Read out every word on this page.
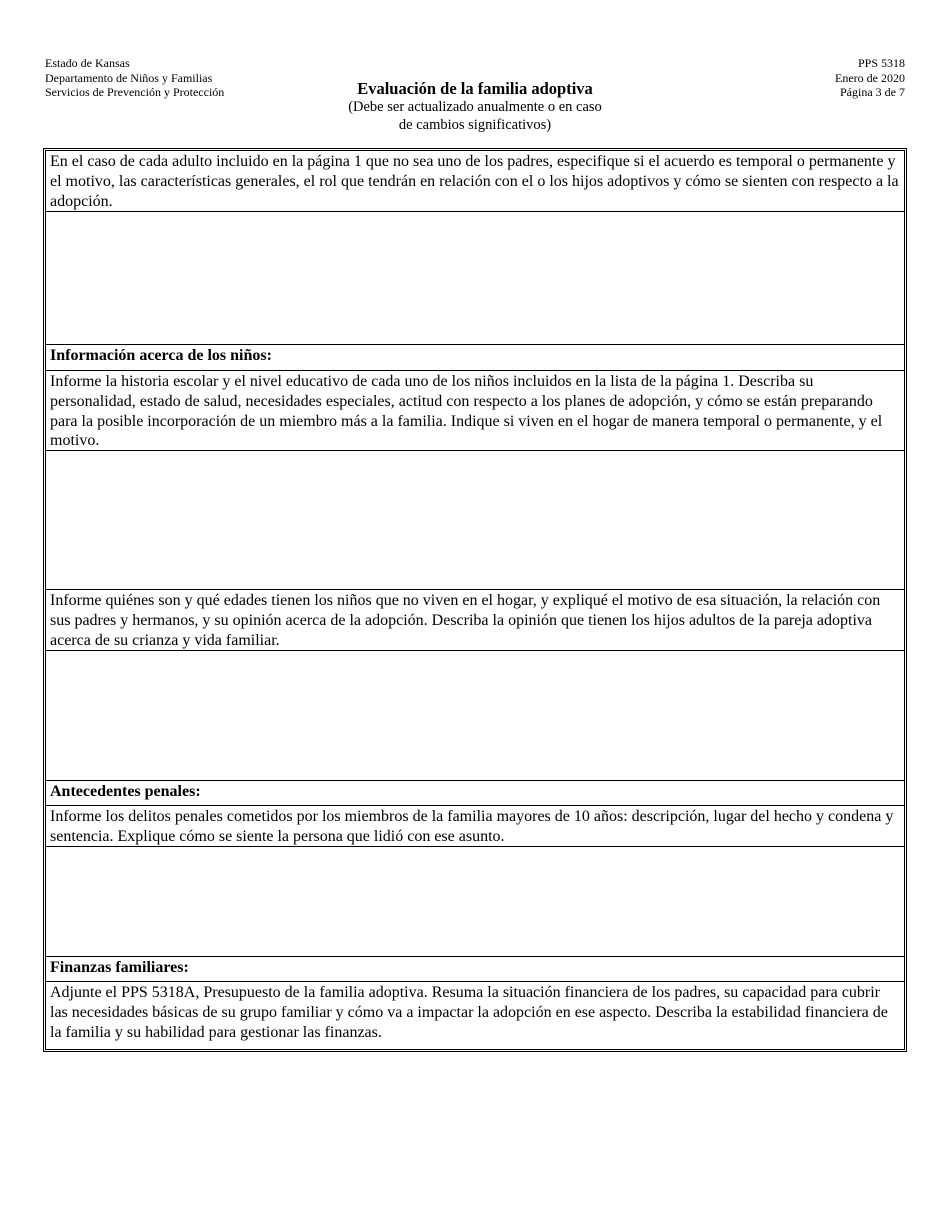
Estado de Kansas
Departamento de Niños y Familias
Servicios de Prevención y Protección
PPS 5318
Enero de 2020
Página 3 de 7
Evaluación de la familia adoptiva
(Debe ser actualizado anualmente o en caso
de cambios significativos)
En el caso de cada adulto incluido en la página 1 que no sea uno de los padres, especifique si el acuerdo es temporal o permanente y el motivo, las características generales, el rol que tendrán en relación con el o los hijos adoptivos y cómo se sienten con respecto a la adopción.
Información acerca de los niños:
Informe la historia escolar y el nivel educativo de cada uno de los niños incluidos en la lista de la página 1. Describa su personalidad, estado de salud, necesidades especiales, actitud con respecto a los planes de adopción, y cómo se están preparando para la posible incorporación de un miembro más a la familia. Indique si viven en el hogar de manera temporal o permanente, y el motivo.
Informe quiénes son y qué edades tienen los niños que no viven en el hogar, y expliqué el motivo de esa situación, la relación con sus padres y hermanos, y su opinión acerca de la adopción. Describa la opinión que tienen los hijos adultos de la pareja adoptiva acerca de su crianza y vida familiar.
Antecedentes penales:
Informe los delitos penales cometidos por los miembros de la familia mayores de 10 años: descripción, lugar del hecho y condena y sentencia. Explique cómo se siente la persona que lidió con ese asunto.
Finanzas familiares:
Adjunte el PPS 5318A, Presupuesto de la familia adoptiva. Resuma la situación financiera de los padres, su capacidad para cubrir las necesidades básicas de su grupo familiar y cómo va a impactar la adopción en ese aspecto. Describa la estabilidad financiera de la familia y su habilidad para gestionar las finanzas.
